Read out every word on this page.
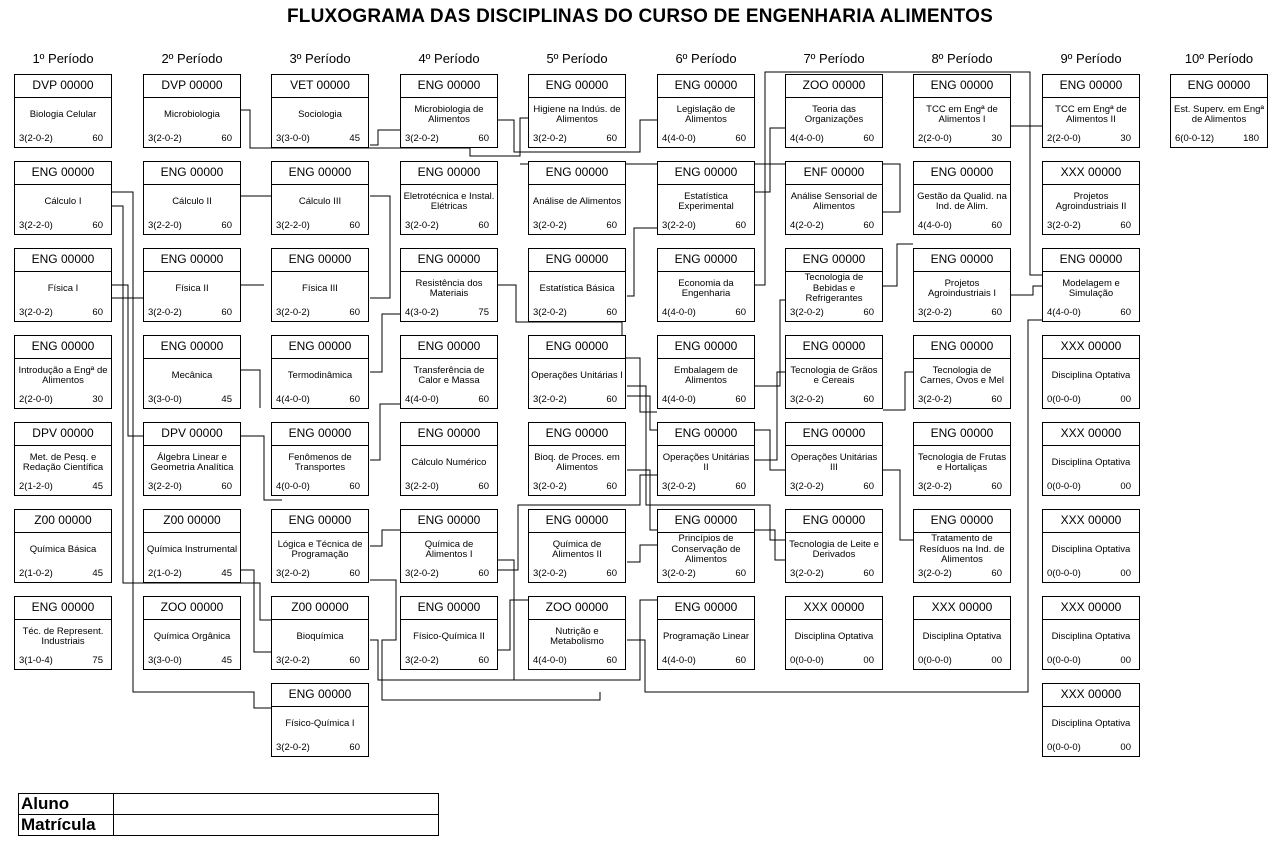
FLUXOGRAMA DAS DISCIPLINAS DO CURSO DE ENGENHARIA ALIMENTOS
1º Período	2º Período	3º Período	4º Período	5º Período	6º Período	7º Período	8º Período	9º Período	10º Período
DVP 00000
Biologia Celular
3(2-0-2)	60
ENG 00000
Cálculo I
3(2-2-0)	60
ENG 00000
Física I
3(2-0-2)	60
ENG 00000
Introdução a Engª de Alimentos
2(2-0-0)	30
DPV 00000
Met. de Pesq. e Redação Científica
2(1-2-0)	45
Z00 00000
Química Básica
2(1-0-2)	45
ENG 00000
Téc. de Represent. Industriais
3(1-0-4)	75
DVP 00000
Microbiologia
3(2-0-2)	60
ENG 00000
Cálculo II
3(2-2-0)	60
ENG 00000
Física II
3(2-0-2)	60
ENG 00000
Mecânica
3(3-0-0)	45
DPV 00000
Álgebra Linear e Geometria Analítica
3(2-2-0)	60
Z00 00000
Química Instrumental
2(1-0-2)	45
ZOO 00000
Química Orgânica
3(3-0-0)	45
VET 00000
Sociologia
3(3-0-0)	45
ENG 00000
Cálculo III
3(2-2-0)	60
ENG 00000
Física III
3(2-0-2)	60
ENG 00000
Termodinâmica
4(4-0-0)	60
ENG 00000
Fenômenos de Transportes
4(0-0-0)	60
ENG 00000
Lógica e Técnica de Programação
3(2-0-2)	60
Z00 00000
Bioquímica
3(2-0-2)	60
ENG 00000
Físico-Química I
3(2-0-2)	60
ENG 00000
Microbiologia de Alimentos
3(2-0-2)	60
ENG 00000
Eletrotécnica e Instal. Elétricas
3(2-0-2)	60
ENG 00000
Resistência dos Materiais
4(3-0-2)	75
ENG 00000
Transferência de Calor e Massa
4(4-0-0)	60
ENG 00000
Cálculo Numérico
3(2-2-0)	60
ENG 00000
Química de Alimentos I
3(2-0-2)	60
ENG 00000
Físico-Química II
3(2-0-2)	60
ENG 00000
Higiene na Indús. de Alimentos
3(2-0-2)	60
ENG 00000
Análise de Alimentos
3(2-0-2)	60
ENG 00000
Estatística Básica
3(2-0-2)	60
ENG 00000
Operações Unitárias I
3(2-0-2)	60
ENG 00000
Bioq. de Proces. em Alimentos
3(2-0-2)	60
ENG 00000
Química de Alimentos II
3(2-0-2)	60
ZOO 00000
Nutrição e Metabolismo
4(4-0-0)	60
ENG 00000
Legislação de Alimentos
4(4-0-0)	60
ENG 00000
Estatística Experimental
3(2-2-0)	60
ENG 00000
Economia da Engenharia
4(4-0-0)	60
ENG 00000
Embalagem de Alimentos
4(4-0-0)	60
ENG 00000
Operações Unitárias II
3(2-0-2)	60
ENG 00000
Princípios de Conservação de Alimentos
3(2-0-2)	60
ENG 00000
Programação Linear
4(4-0-0)	60
ZOO 00000
Teoria das Organizações
4(4-0-0)	60
ENF 00000
Análise Sensorial de Alimentos
4(2-0-2)	60
ENG 00000
Tecnologia de Bebidas e Refrigerantes
3(2-0-2)	60
ENG 00000
Tecnologia de Grãos e Cereais
3(2-0-2)	60
ENG 00000
Operações Unitárias III
3(2-0-2)	60
ENG 00000
Tecnologia de Leite e Derivados
3(2-0-2)	60
XXX 00000
Disciplina Optativa
0(0-0-0)	00
ENG 00000
TCC em Engª de Alimentos I
2(2-0-0)	30
ENG 00000
Gestão da Qualid. na Ind. de Alim.
4(4-0-0)	60
ENG 00000
Projetos Agroindustriais I
3(2-0-2)	60
ENG 00000
Tecnologia de Carnes, Ovos e Mel
3(2-0-2)	60
ENG 00000
Tecnologia de Frutas e Hortaliças
3(2-0-2)	60
ENG 00000
Tratamento de Resíduos na Ind. de Alimentos
3(2-0-2)	60
XXX 00000
Disciplina Optativa
0(0-0-0)	00
ENG 00000
TCC em Engª de Alimentos II
2(2-0-0)	30
XXX 00000
Projetos Agroindustriais II
3(2-0-2)	60
ENG 00000
Modelagem e Simulação
4(4-0-0)	60
XXX 00000
Disciplina Optativa
0(0-0-0)	00
XXX 00000
Disciplina Optativa
0(0-0-0)	00
XXX 00000
Disciplina Optativa
0(0-0-0)	00
XXX 00000
Disciplina Optativa
0(0-0-0)	00
XXX 00000
Disciplina Optativa
0(0-0-0)	00
ENG 00000
Est. Superv. em Engª de Alimentos
6(0-0-12)	180
Aluno	
Matrícula	
